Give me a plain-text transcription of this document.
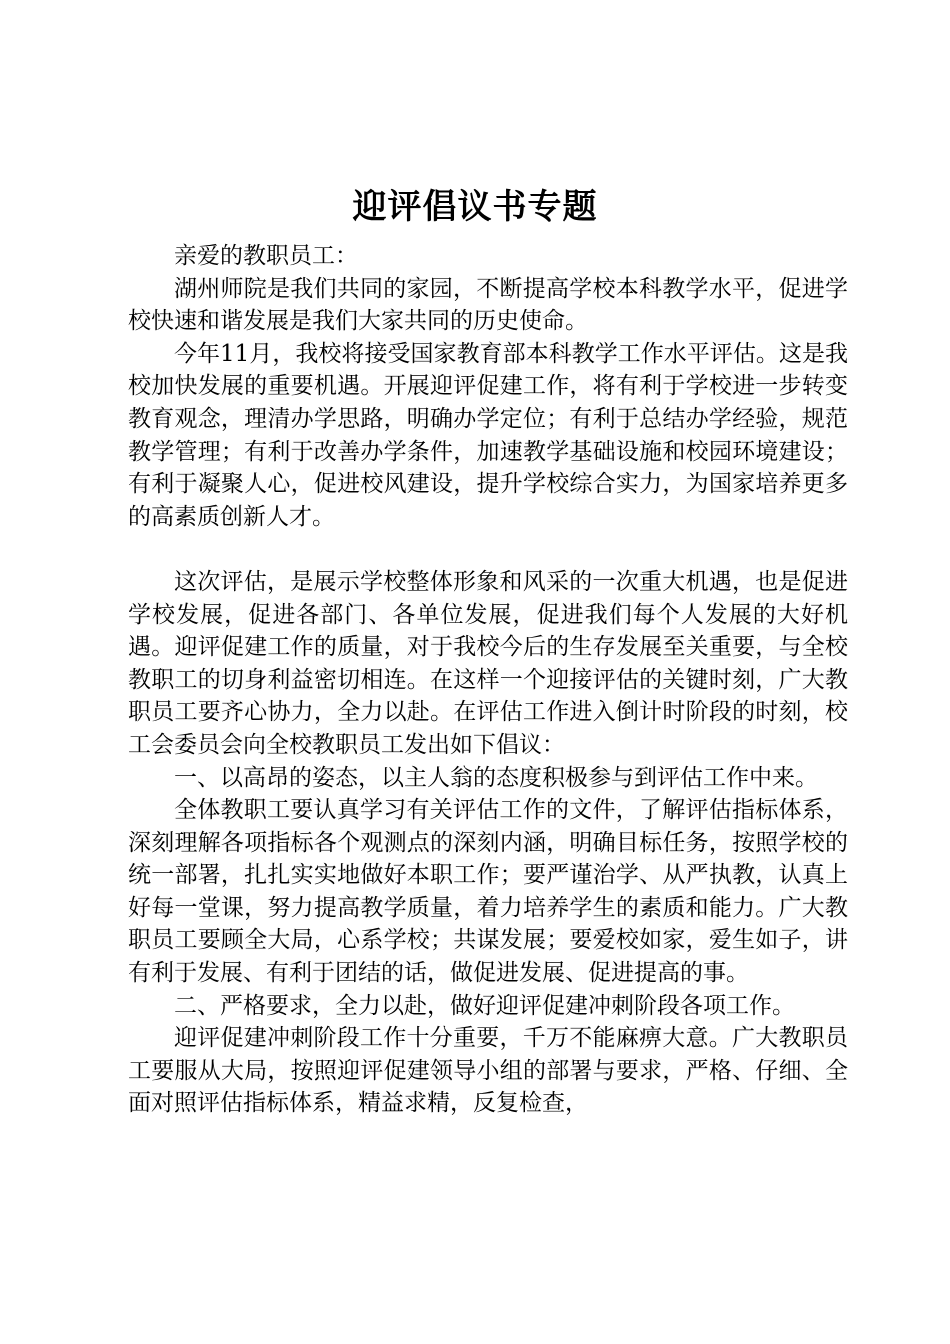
迎评倡议书专题

亲爱的教职员工：

湖州师院是我们共同的家园，不断提高学校本科教学水平，促进学校快速和谐发展是我们大家共同的历史使命。

今年11月，我校将接受国家教育部本科教学工作水平评估。这是我校加快发展的重要机遇。开展迎评促建工作，将有利于学校进一步转变教育观念，理清办学思路，明确办学定位；有利于总结办学经验，规范教学管理；有利于改善办学条件，加速教学基础设施和校园环境建设；有利于凝聚人心，促进校风建设，提升学校综合实力，为国家培养更多的高素质创新人才。

这次评估，是展示学校整体形象和风采的一次重大机遇，也是促进学校发展，促进各部门、各单位发展，促进我们每个人发展的大好机遇。迎评促建工作的质量，对于我校今后的生存发展至关重要，与全校教职工的切身利益密切相连。在这样一个迎接评估的关键时刻，广大教职员工要齐心协力，全力以赴。在评估工作进入倒计时阶段的时刻，校工会委员会向全校教职员工发出如下倡议：

一、以高昂的姿态，以主人翁的态度积极参与到评估工作中来。

全体教职工要认真学习有关评估工作的文件，了解评估指标体系，深刻理解各项指标各个观测点的深刻内涵，明确目标任务，按照学校的统一部署，扎扎实实地做好本职工作；要严谨治学、从严执教，认真上好每一堂课，努力提高教学质量，着力培养学生的素质和能力。广大教职员工要顾全大局，心系学校；共谋发展；要爱校如家，爱生如子，讲有利于发展、有利于团结的话，做促进发展、促进提高的事。

二、严格要求，全力以赴，做好迎评促建冲刺阶段各项工作。

迎评促建冲刺阶段工作十分重要，千万不能麻痹大意。广大教职员工要服从大局，按照迎评促建领导小组的部署与要求，严格、仔细、全面对照评估指标体系，精益求精，反复检查，
